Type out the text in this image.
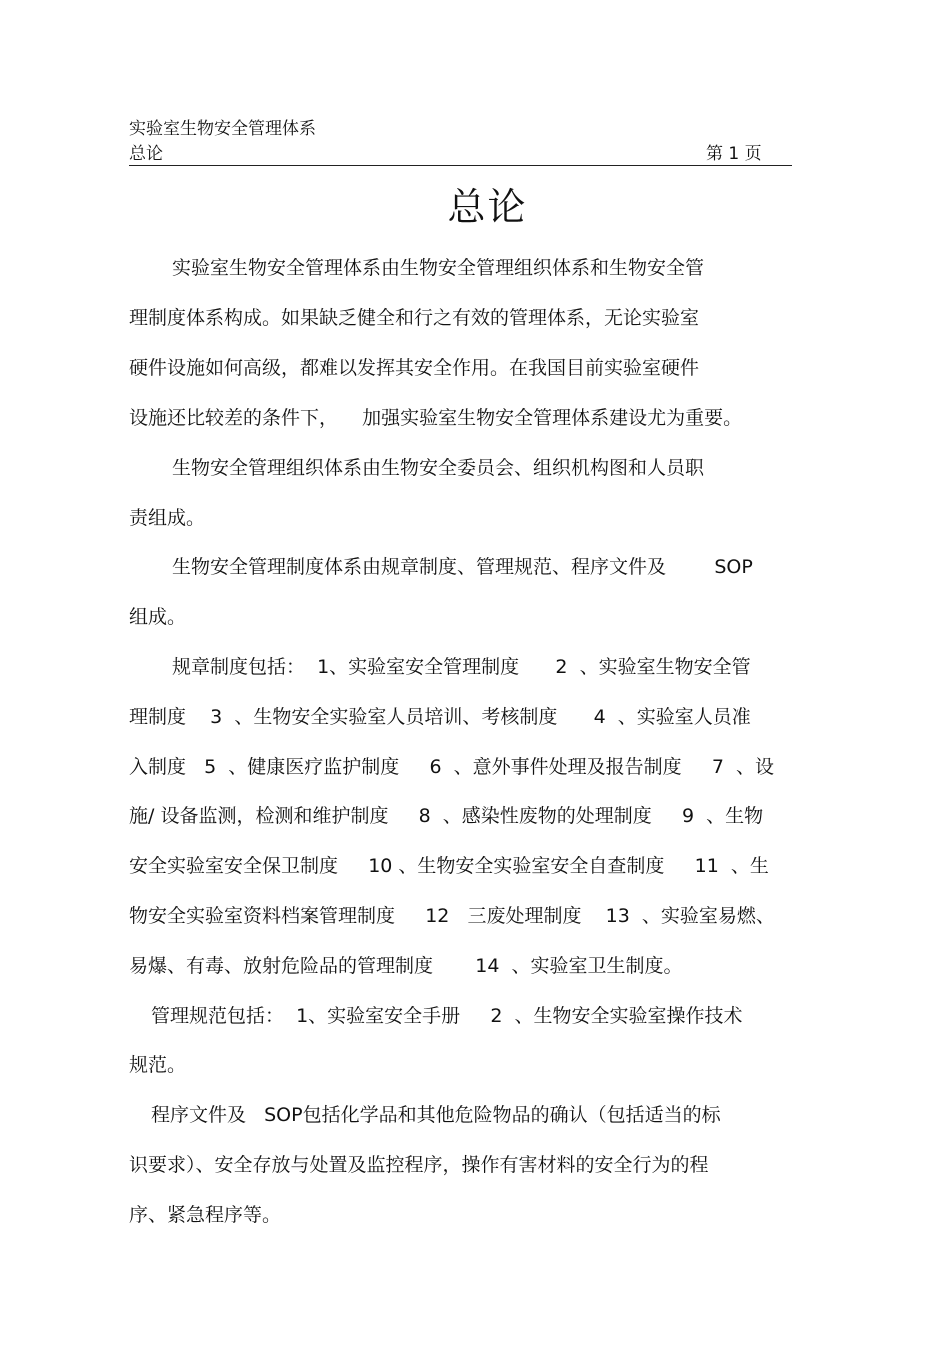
实验室生物安全管理体系
总论	第 1 页
总论
实验室生物安全管理体系由生物安全管理组织体系和生物安全管
理制度体系构成。如果缺乏健全和行之有效的管理体系，无论实验室
硬件设施如何高级，都难以发挥其安全作用。在我国目前实验室硬件
设施还比较差的条件下，    加强实验室生物安全管理体系建设尤为重要。
生物安全管理组织体系由生物安全委员会、组织机构图和人员职
责组成。
生物安全管理制度体系由规章制度、管理规范、程序文件及        SOP
组成。
规章制度包括：  1、实验室安全管理制度      2  、实验室生物安全管
理制度    3  、生物安全实验室人员培训、考核制度      4  、实验室人员准
入制度   5  、健康医疗监护制度     6  、意外事件处理及报告制度     7  、设
施/ 设备监测，检测和维护制度     8  、感染性废物的处理制度     9  、生物
安全实验室安全保卫制度     10 、生物安全实验室安全自查制度     11  、生
物安全实验室资料档案管理制度     12   三废处理制度    13  、实验室易燃、
易爆、有毒、放射危险品的管理制度       14  、实验室卫生制度。
管理规范包括：  1、实验室安全手册     2  、生物安全实验室操作技术
规范。
程序文件及   SOP包括化学品和其他危险物品的确认（包括适当的标
识要求）、安全存放与处置及监控程序，操作有害材料的安全行为的程
序、紧急程序等。
